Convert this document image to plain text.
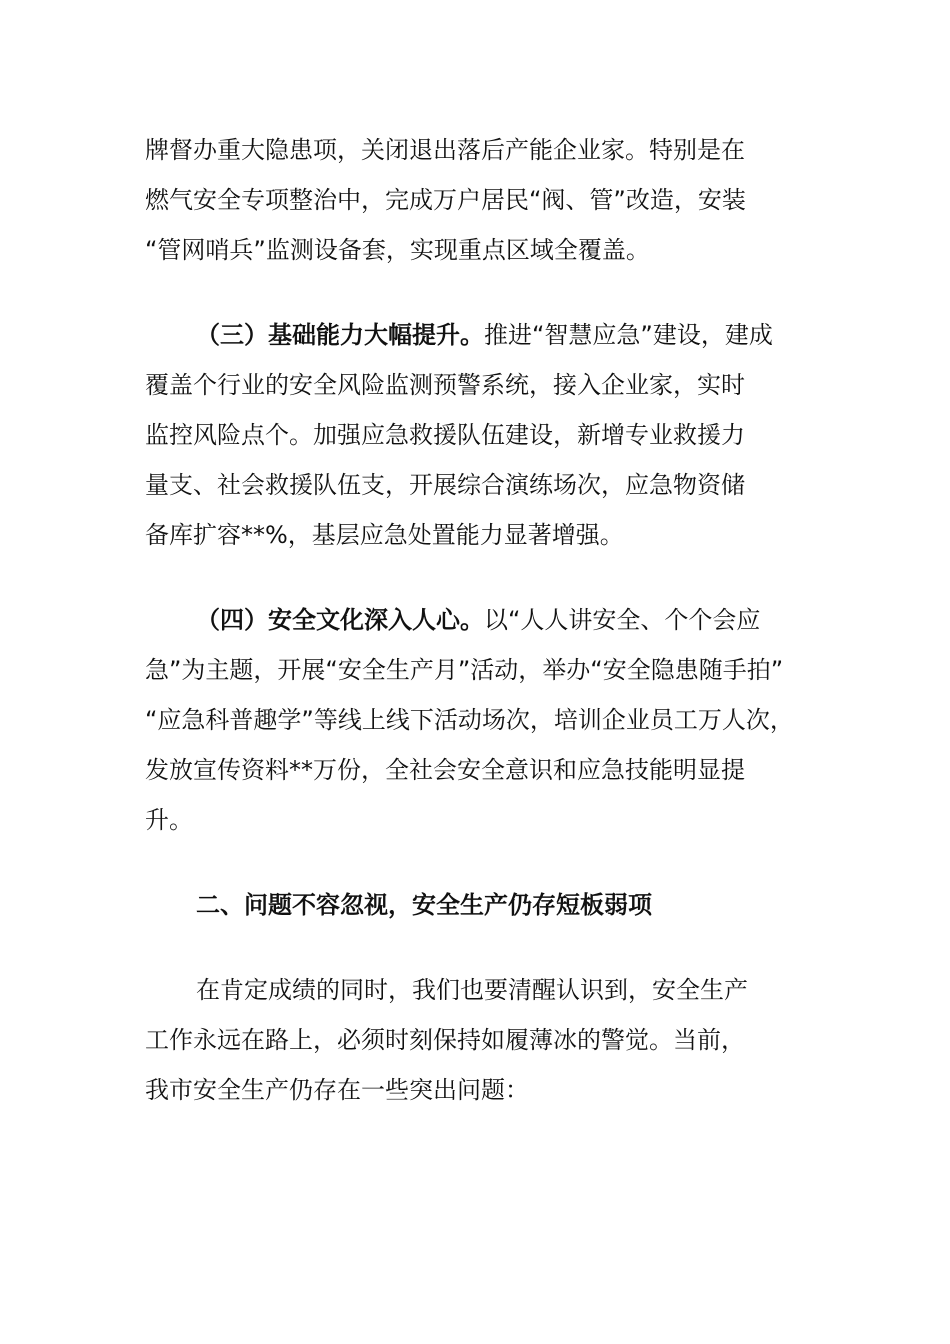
牌督办重大隐患项，关闭退出落后产能企业家。特别是在
燃气安全专项整治中，完成万户居民“阀、管”改造，安装
“管网哨兵”监测设备套，实现重点区域全覆盖。
（三）基础能力大幅提升。推进“智慧应急”建设，建成
覆盖个行业的安全风险监测预警系统，接入企业家，实时
监控风险点个。加强应急救援队伍建设，新增专业救援力
量支、社会救援队伍支，开展综合演练场次，应急物资储
备库扩容**%，基层应急处置能力显著增强。
（四）安全文化深入人心。以“人人讲安全、个个会应
急”为主题，开展“安全生产月”活动，举办“安全隐患随手拍”
“应急科普趣学”等线上线下活动场次，培训企业员工万人次，
发放宣传资料**万份，全社会安全意识和应急技能明显提
升。
二、问题不容忽视，安全生产仍存短板弱项
在肯定成绩的同时，我们也要清醒认识到，安全生产
工作永远在路上，必须时刻保持如履薄冰的警觉。当前，
我市安全生产仍存在一些突出问题：
